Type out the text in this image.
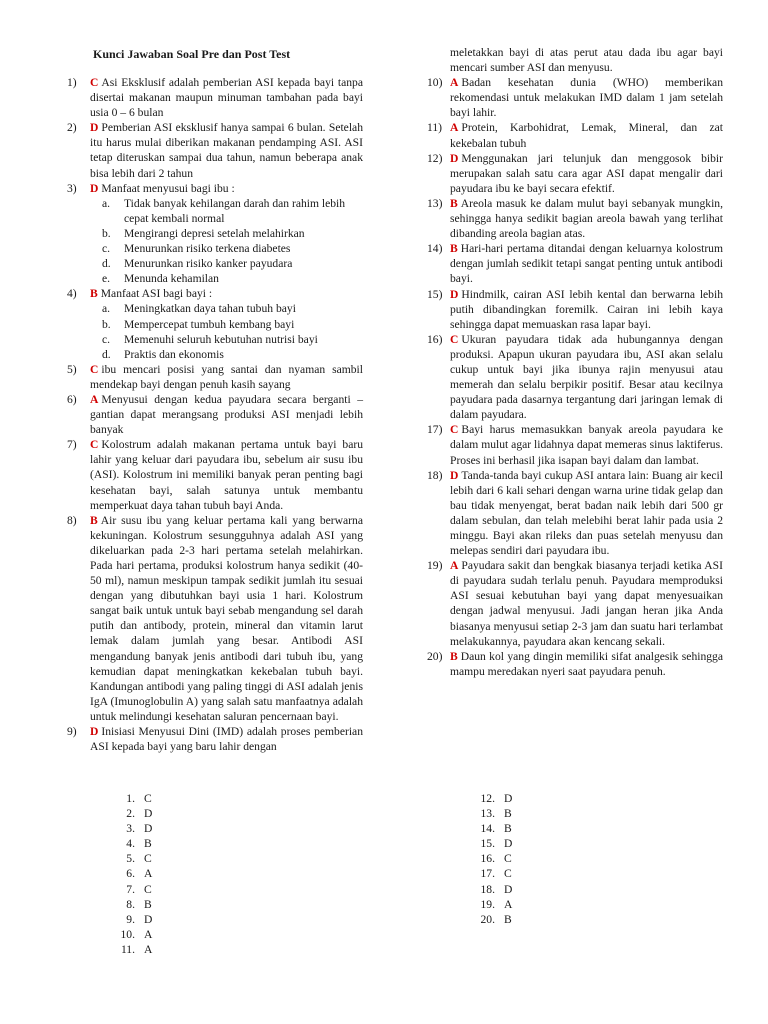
Kunci Jawaban Soal Pre dan Post Test
1) C Asi Eksklusif adalah pemberian ASI kepada bayi tanpa disertai makanan maupun minuman tambahan pada bayi usia 0 – 6 bulan
2) D Pemberian ASI eksklusif hanya sampai 6 bulan. Setelah itu harus mulai diberikan makanan pendamping ASI. ASI tetap diteruskan sampai dua tahun, namun beberapa anak bisa lebih dari 2 tahun
3) D Manfaat menyusui bagi ibu :
a. Tidak banyak kehilangan darah dan rahim lebih cepat kembali normal
b. Mengirangi depresi setelah melahirkan
c. Menurunkan risiko terkena diabetes
d. Menurunkan risiko kanker payudara
e. Menunda kehamilan
4) B Manfaat ASI bagi bayi :
a. Meningkatkan daya tahan tubuh bayi
b. Mempercepat tumbuh kembang bayi
c. Memenuhi seluruh kebutuhan nutrisi bayi
d. Praktis dan ekonomis
5) C ibu mencari posisi yang santai dan nyaman sambil mendekap bayi dengan penuh kasih sayang
6) A Menyusui dengan kedua payudara secara berganti – gantian dapat merangsang produksi ASI menjadi lebih banyak
7) C Kolostrum adalah makanan pertama untuk bayi baru lahir yang keluar dari payudara ibu, sebelum air susu ibu (ASI). Kolostrum ini memiliki banyak peran penting bagi kesehatan bayi, salah satunya untuk membantu memperkuat daya tahan tubuh bayi Anda.
8) B Air susu ibu yang keluar pertama kali yang berwarna kekuningan. Kolostrum sesungguhnya adalah ASI yang dikeluarkan pada 2-3 hari pertama setelah melahirkan. Pada hari pertama, produksi kolostrum hanya sedikit (40-50 ml), namun meskipun tampak sedikit jumlah itu sesuai dengan yang dibutuhkan bayi usia 1 hari. Kolostrum sangat baik untuk untuk bayi sebab mengandung sel darah putih dan antibody, protein, mineral dan vitamin larut lemak dalam jumlah yang besar. Antibodi ASI mengandung banyak jenis antibodi dari tubuh ibu, yang kemudian dapat meningkatkan kekebalan tubuh bayi. Kandungan antibodi yang paling tinggi di ASI adalah jenis IgA (Imunoglobulin A) yang salah satu manfaatnya adalah untuk melindungi kesehatan saluran pencernaan bayi.
9) D Inisiasi Menyusui Dini (IMD) adalah proses pemberian ASI kepada bayi yang baru lahir dengan
meletakkan bayi di atas perut atau dada ibu agar bayi mencari sumber ASI dan menyusu.
10) A Badan kesehatan dunia (WHO) memberikan rekomendasi untuk melakukan IMD dalam 1 jam setelah bayi lahir.
11) A Protein, Karbohidrat, Lemak, Mineral, dan zat kekebalan tubuh
12) D Menggunakan jari telunjuk dan menggosok bibir merupakan salah satu cara agar ASI dapat mengalir dari payudara ibu ke bayi secara efektif.
13) B Areola masuk ke dalam mulut bayi sebanyak mungkin, sehingga hanya sedikit bagian areola bawah yang terlihat dibanding areola bagian atas.
14) B Hari-hari pertama ditandai dengan keluarnya kolostrum dengan jumlah sedikit tetapi sangat penting untuk antibodi bayi.
15) D Hindmilk, cairan ASI lebih kental dan berwarna lebih putih dibandingkan foremilk. Cairan ini lebih kaya sehingga dapat memuaskan rasa lapar bayi.
16) C Ukuran payudara tidak ada hubungannya dengan produksi. Apapun ukuran payudara ibu, ASI akan selalu cukup untuk bayi jika ibunya rajin menyusui atau memerah dan selalu berpikir positif. Besar atau kecilnya payudara pada dasarnya tergantung dari jaringan lemak di dalam payudara.
17) C Bayi harus memasukkan banyak areola payudara ke dalam mulut agar lidahnya dapat memeras sinus laktiferus. Proses ini berhasil jika isapan bayi dalam dan lambat.
18) D Tanda-tanda bayi cukup ASI antara lain: Buang air kecil lebih dari 6 kali sehari dengan warna urine tidak gelap dan bau tidak menyengat, berat badan naik lebih dari 500 gr dalam sebulan, dan telah melebihi berat lahir pada usia 2 minggu. Bayi akan rileks dan puas setelah menyusu dan melepas sendiri dari payudara ibu.
19) A Payudara sakit dan bengkak biasanya terjadi ketika ASI di payudara sudah terlalu penuh. Payudara memproduksi ASI sesuai kebutuhan bayi yang dapat menyesuaikan dengan jadwal menyusui. Jadi jangan heran jika Anda biasanya menyusui setiap 2-3 jam dan suatu hari terlambat melakukannya, payudara akan kencang sekali.
20) B Daun kol yang dingin memiliki sifat analgesik sehingga mampu meredakan nyeri saat payudara penuh.
1. C
2. D
3. D
4. B
5. C
6. A
7. C
8. B
9. D
10. A
11. A
12. D
13. B
14. B
15. D
16. C
17. C
18. D
19. A
20. B
